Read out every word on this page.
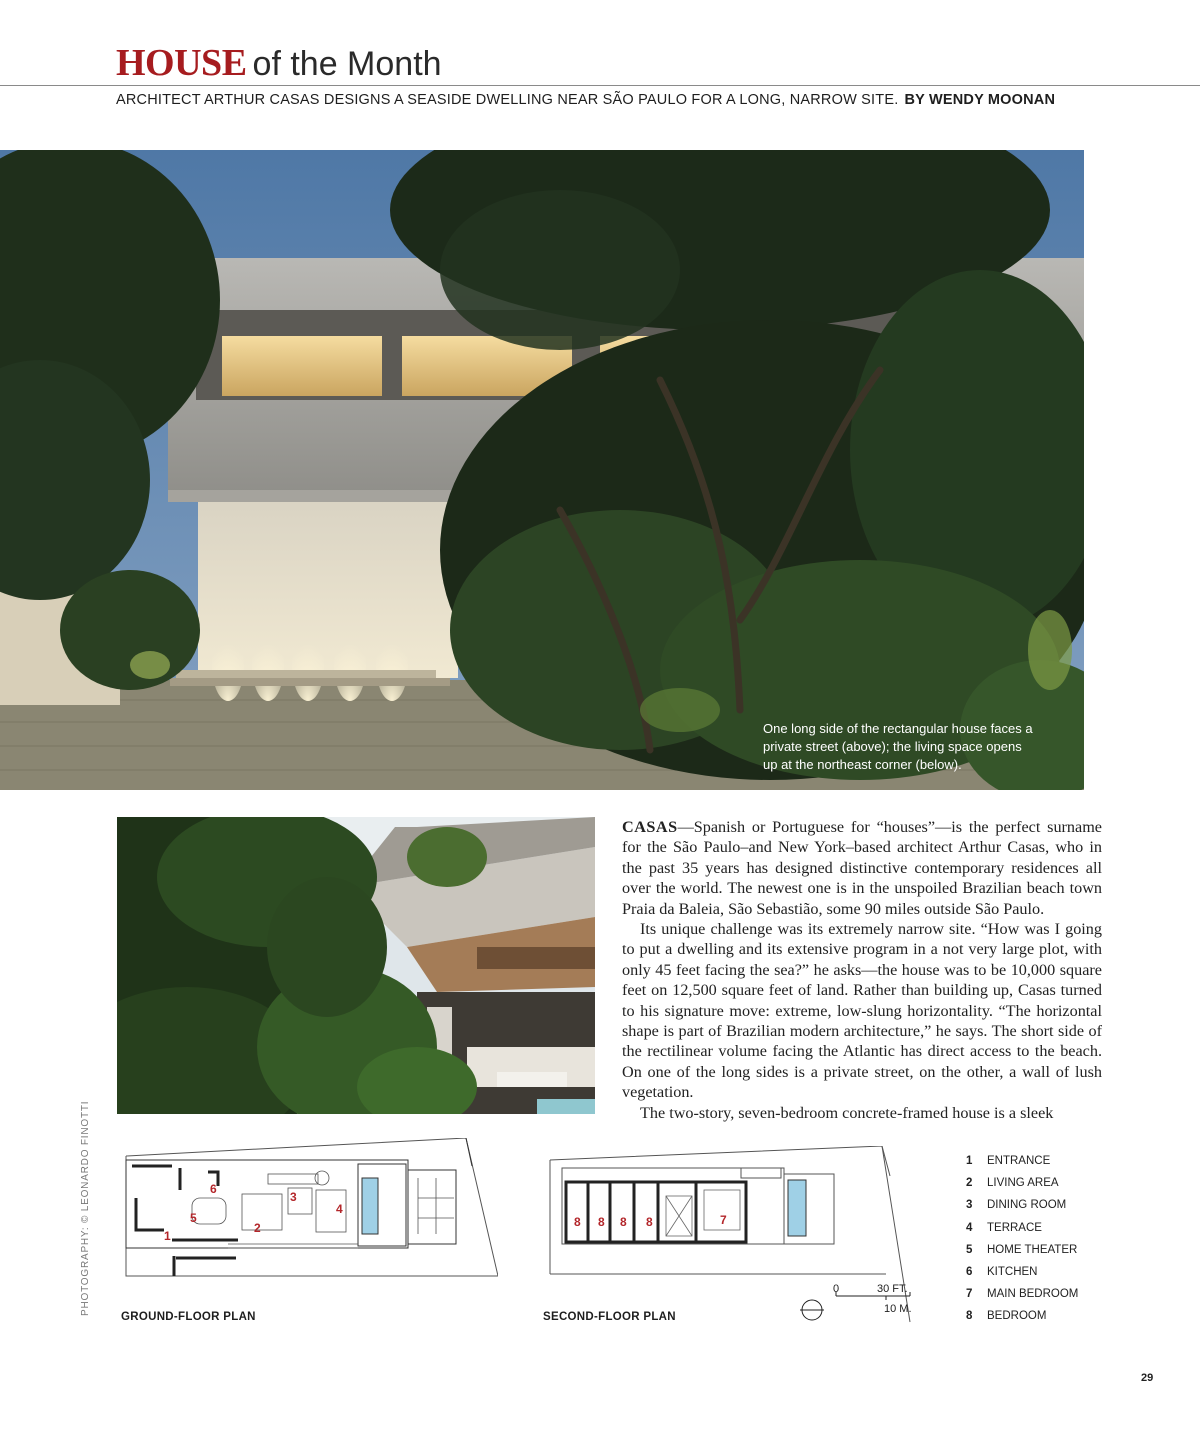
HOUSE of the Month
ARCHITECT ARTHUR CASAS DESIGNS A SEASIDE DWELLING NEAR SÃO PAULO FOR A LONG, NARROW SITE. BY WENDY MOONAN
One long side of the rectangular house faces a
private street (above); the living space opens
up at the northeast corner (below).

CASAS—Spanish or Portuguese for “houses”—is the perfect surname for the São Paulo–and New York–based architect Arthur Casas, who in the past 35 years has designed distinctive contemporary residences all over the world. The newest one is in the unspoiled Brazilian beach town Praia da Baleia, São Sebastião, some 90 miles outside São Paulo.

Its unique challenge was its extremely narrow site. “How was I going to put a dwelling and its extensive program in a not very large plot, with only 45 feet facing the sea?” he asks—the house was to be 10,000 square feet on 12,500 square feet of land. Rather than building up, Casas turned to his signature move: extreme, low-slung horizontality. “The horizontal shape is part of Brazilian modern architecture,” he says. The short side of the rectilinear volume facing the Atlantic has direct access to the beach. On one of the long sides is a private street, on the other, a wall of lush vegetation.

The two-story, seven-bedroom concrete-framed house is a sleek

1
2
3
4
5
6
GROUND-FLOOR PLAN
8 8 8 8	7
0	30 FT.
10 M.
SECOND-FLOOR PLAN
1	ENTRANCE
2	LIVING AREA
3	DINING ROOM
4	TERRACE
5	HOME THEATER
6	KITCHEN
7	MAIN BEDROOM
8	BEDROOM
PHOTOGRAPHY: © LEONARDO FINOTTI
29
